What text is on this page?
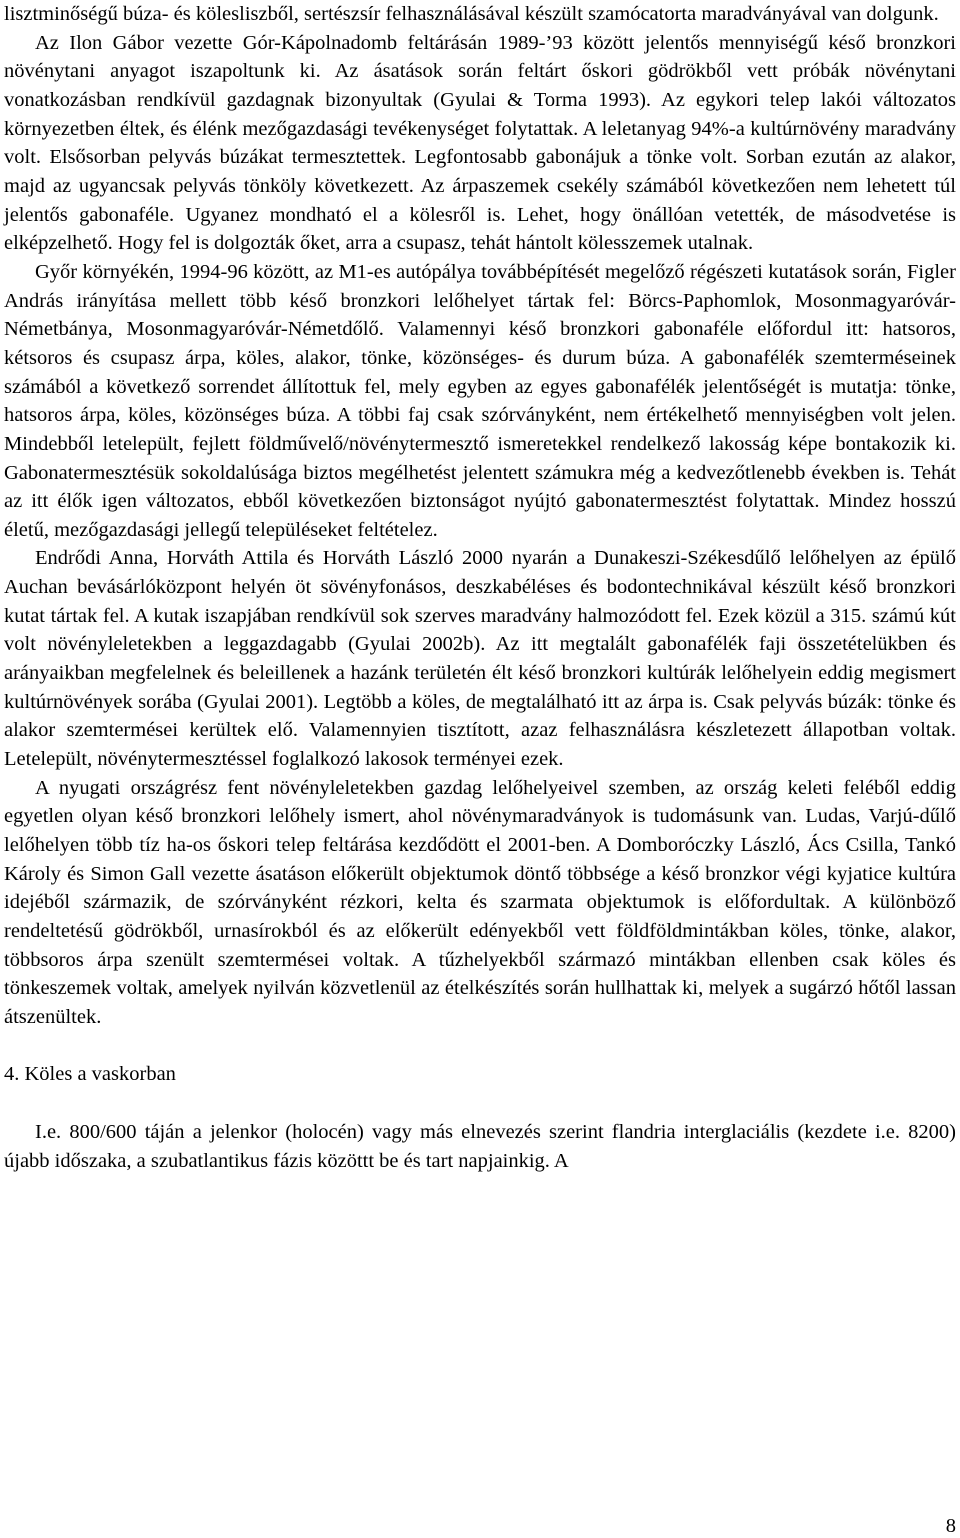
lisztminőségű búza- és kölesliszből, sertészsír felhasználásával készült szamócatorta maradványával van dolgunk.

Az Ilon Gábor vezette Gór-Kápolnadomb feltárásán 1989-’93 között jelentős mennyiségű késő bronzkori növénytani anyagot iszapoltunk ki. Az ásatások során feltárt őskori gödrökből vett próbák növénytani vonatkozásban rendkívül gazdagnak bizonyultak (Gyulai & Torma 1993). Az egykori telep lakói változatos környezetben éltek, és élénk mezőgazdasági tevékenységet folytattak. A leletanyag 94%-a kultúrnövény maradvány volt. Elsősorban pelyvás búzákat termesztettek. Legfontosabb gabonájuk a tönke volt. Sorban ezután az alakor, majd az ugyancsak pelyvás tönköly következett. Az árpaszemek csekély számából következően nem lehetett túl jelentős gabonaféle. Ugyanez mondható el a kölesről is. Lehet, hogy önállóan vetették, de másodvetése is elképzelhető. Hogy fel is dolgozták őket, arra a csupasz, tehát hántolt kölesszemek utalnak.

Győr környékén, 1994-96 között, az M1-es autópálya továbbépítését megelőző régészeti kutatások során, Figler András irányítása mellett több késő bronzkori lelőhelyet tártak fel: Börcs-Paphomlok, Mosonmagyaróvár-Németbánya, Mosonmagyaróvár-Németdőlő. Valamennyi késő bronzkori gabonaféle előfordul itt: hatsoros, kétsoros és csupasz árpa, köles, alakor, tönke, közönséges- és durum búza. A gabonafélék szemterméseinek számából a következő sorrendet állítottuk fel, mely egyben az egyes gabonafélék jelentőségét is mutatja: tönke, hatsoros árpa, köles, közönséges búza. A többi faj csak szórványként, nem értékelhető mennyiségben volt jelen. Mindebből letelepült, fejlett földművelő/növénytermesztő ismeretekkel rendelkező lakosság képe bontakozik ki. Gabonatermesztésük sokoldalúsága biztos megélhetést jelentett számukra még a kedvezőtlenebb években is. Tehát az itt élők igen változatos, ebből következően biztonságot nyújtó gabonatermesztést folytattak. Mindez hosszú életű, mezőgazdasági jellegű településeket feltételez.

Endrődi Anna, Horváth Attila és Horváth László 2000 nyarán a Dunakeszi-Székesdűlő lelőhelyen az épülő Auchan bevásárlóközpont helyén öt sövényfonásos, deszkabéléses és bodontechnikával készült késő bronzkori kutat tártak fel. A kutak iszapjában rendkívül sok szerves maradvány halmozódott fel. Ezek közül a 315. számú kút volt növényleletekben a leggazdagabb (Gyulai 2002b). Az itt megtalált gabonafélék faji összetételükben és arányaikban megfelelnek és beleillenek a hazánk területén élt késő bronzkori kultúrák lelőhelyein eddig megismert kultúrnövények sorába (Gyulai 2001). Legtöbb a köles, de megtalálható itt az árpa is. Csak pelyvás búzák: tönke és alakor szemtermései kerültek elő. Valamennyien tisztított, azaz felhasználásra készletezett állapotban voltak. Letelepült, növénytermesztéssel foglalkozó lakosok terményei ezek.

A nyugati országrész fent növényleletekben gazdag lelőhelyeivel szemben, az ország keleti feléből eddig egyetlen olyan késő bronzkori lelőhely ismert, ahol növénymaradványok is tudomásunk van. Ludas, Varjú-dűlő lelőhelyen több tíz ha-os őskori telep feltárása kezdődött el 2001-ben. A Domboróczky László, Ács Csilla, Tankó Károly és Simon Gall vezette ásatáson előkerült objektumok döntő többsége a késő bronzkor végi kyjatice kultúra idejéből származik, de szórványként rézkori, kelta és szarmata objektumok is előfordultak. A különböző rendeltetésű gödrökből, urnasírokból és az előkerült edényekből vett földföldmintákban köles, tönke, alakor, többsoros árpa szenült szemtermései voltak. A tűzhelyekből származó mintákban ellenben csak köles és tönkeszemek voltak, amelyek nyilván közvetlenül az ételkészítés során hullhattak ki, melyek a sugárzó hőtől lassan átszenültek.

4. Köles a vaskorban

I.e. 800/600 táján a jelenkor (holocén) vagy más elnevezés szerint flandria interglaciális (kezdete i.e. 8200) újabb időszaka, a szubatlantikus fázis közöttt be és tart napjainkig. A

8
